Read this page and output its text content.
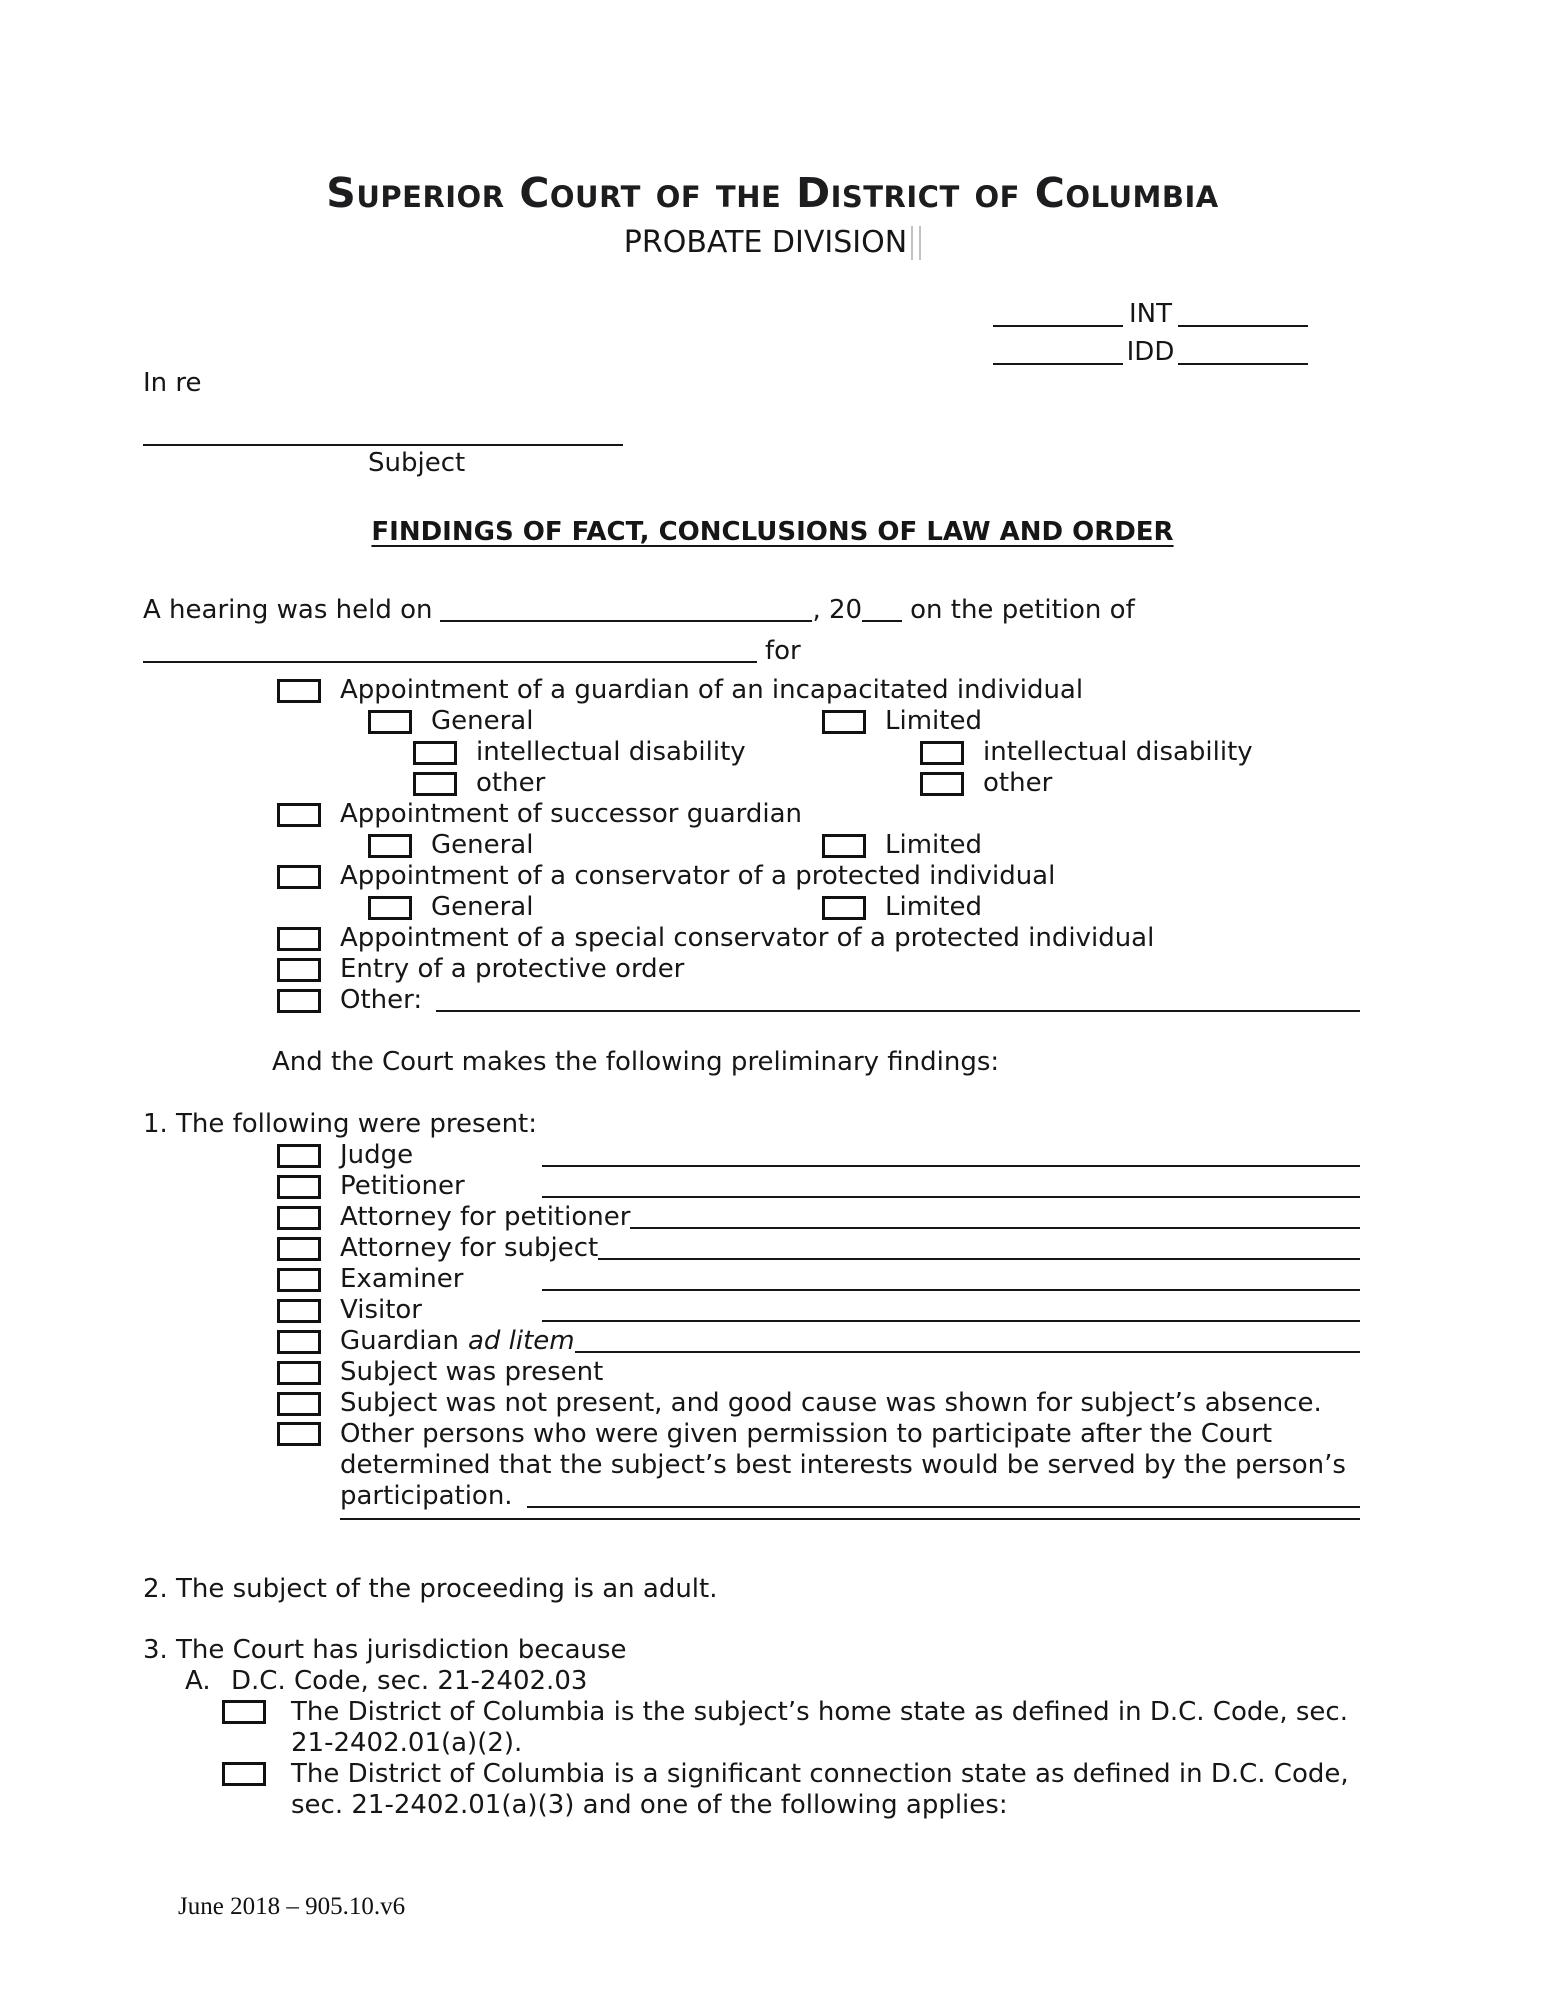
Superior Court of the District of Columbia
PROBATE DIVISION
INT
IDD
In re
Subject
FINDINGS OF FACT, CONCLUSIONS OF LAW AND ORDER
A hearing was held on	, 20 on the petition of
for
Appointment of a guardian of an incapacitated individual
General	Limited
intellectual disability	intellectual disability
other	other
Appointment of successor guardian
General	Limited
Appointment of a conservator of a protected individual
General	Limited
Appointment of a special conservator of a protected individual
Entry of a protective order
Other:
And the Court makes the following preliminary findings:
1. The following were present:
Judge
Petitioner
Attorney for petitioner
Attorney for subject
Examiner
Visitor
Guardian ad litem
Subject was present
Subject was not present, and good cause was shown for subject’s absence.
Other persons who were given permission to participate after the Court
determined that the subject’s best interests would be served by the person’s
participation.
2. The subject of the proceeding is an adult.
3. The Court has jurisdiction because
A. D.C. Code, sec. 21-2402.03
The District of Columbia is the subject’s home state as defined in D.C. Code, sec.
21-2402.01(a)(2).
The District of Columbia is a significant connection state as defined in D.C. Code,
sec. 21-2402.01(a)(3) and one of the following applies:
June 2018 – 905.10.v6
